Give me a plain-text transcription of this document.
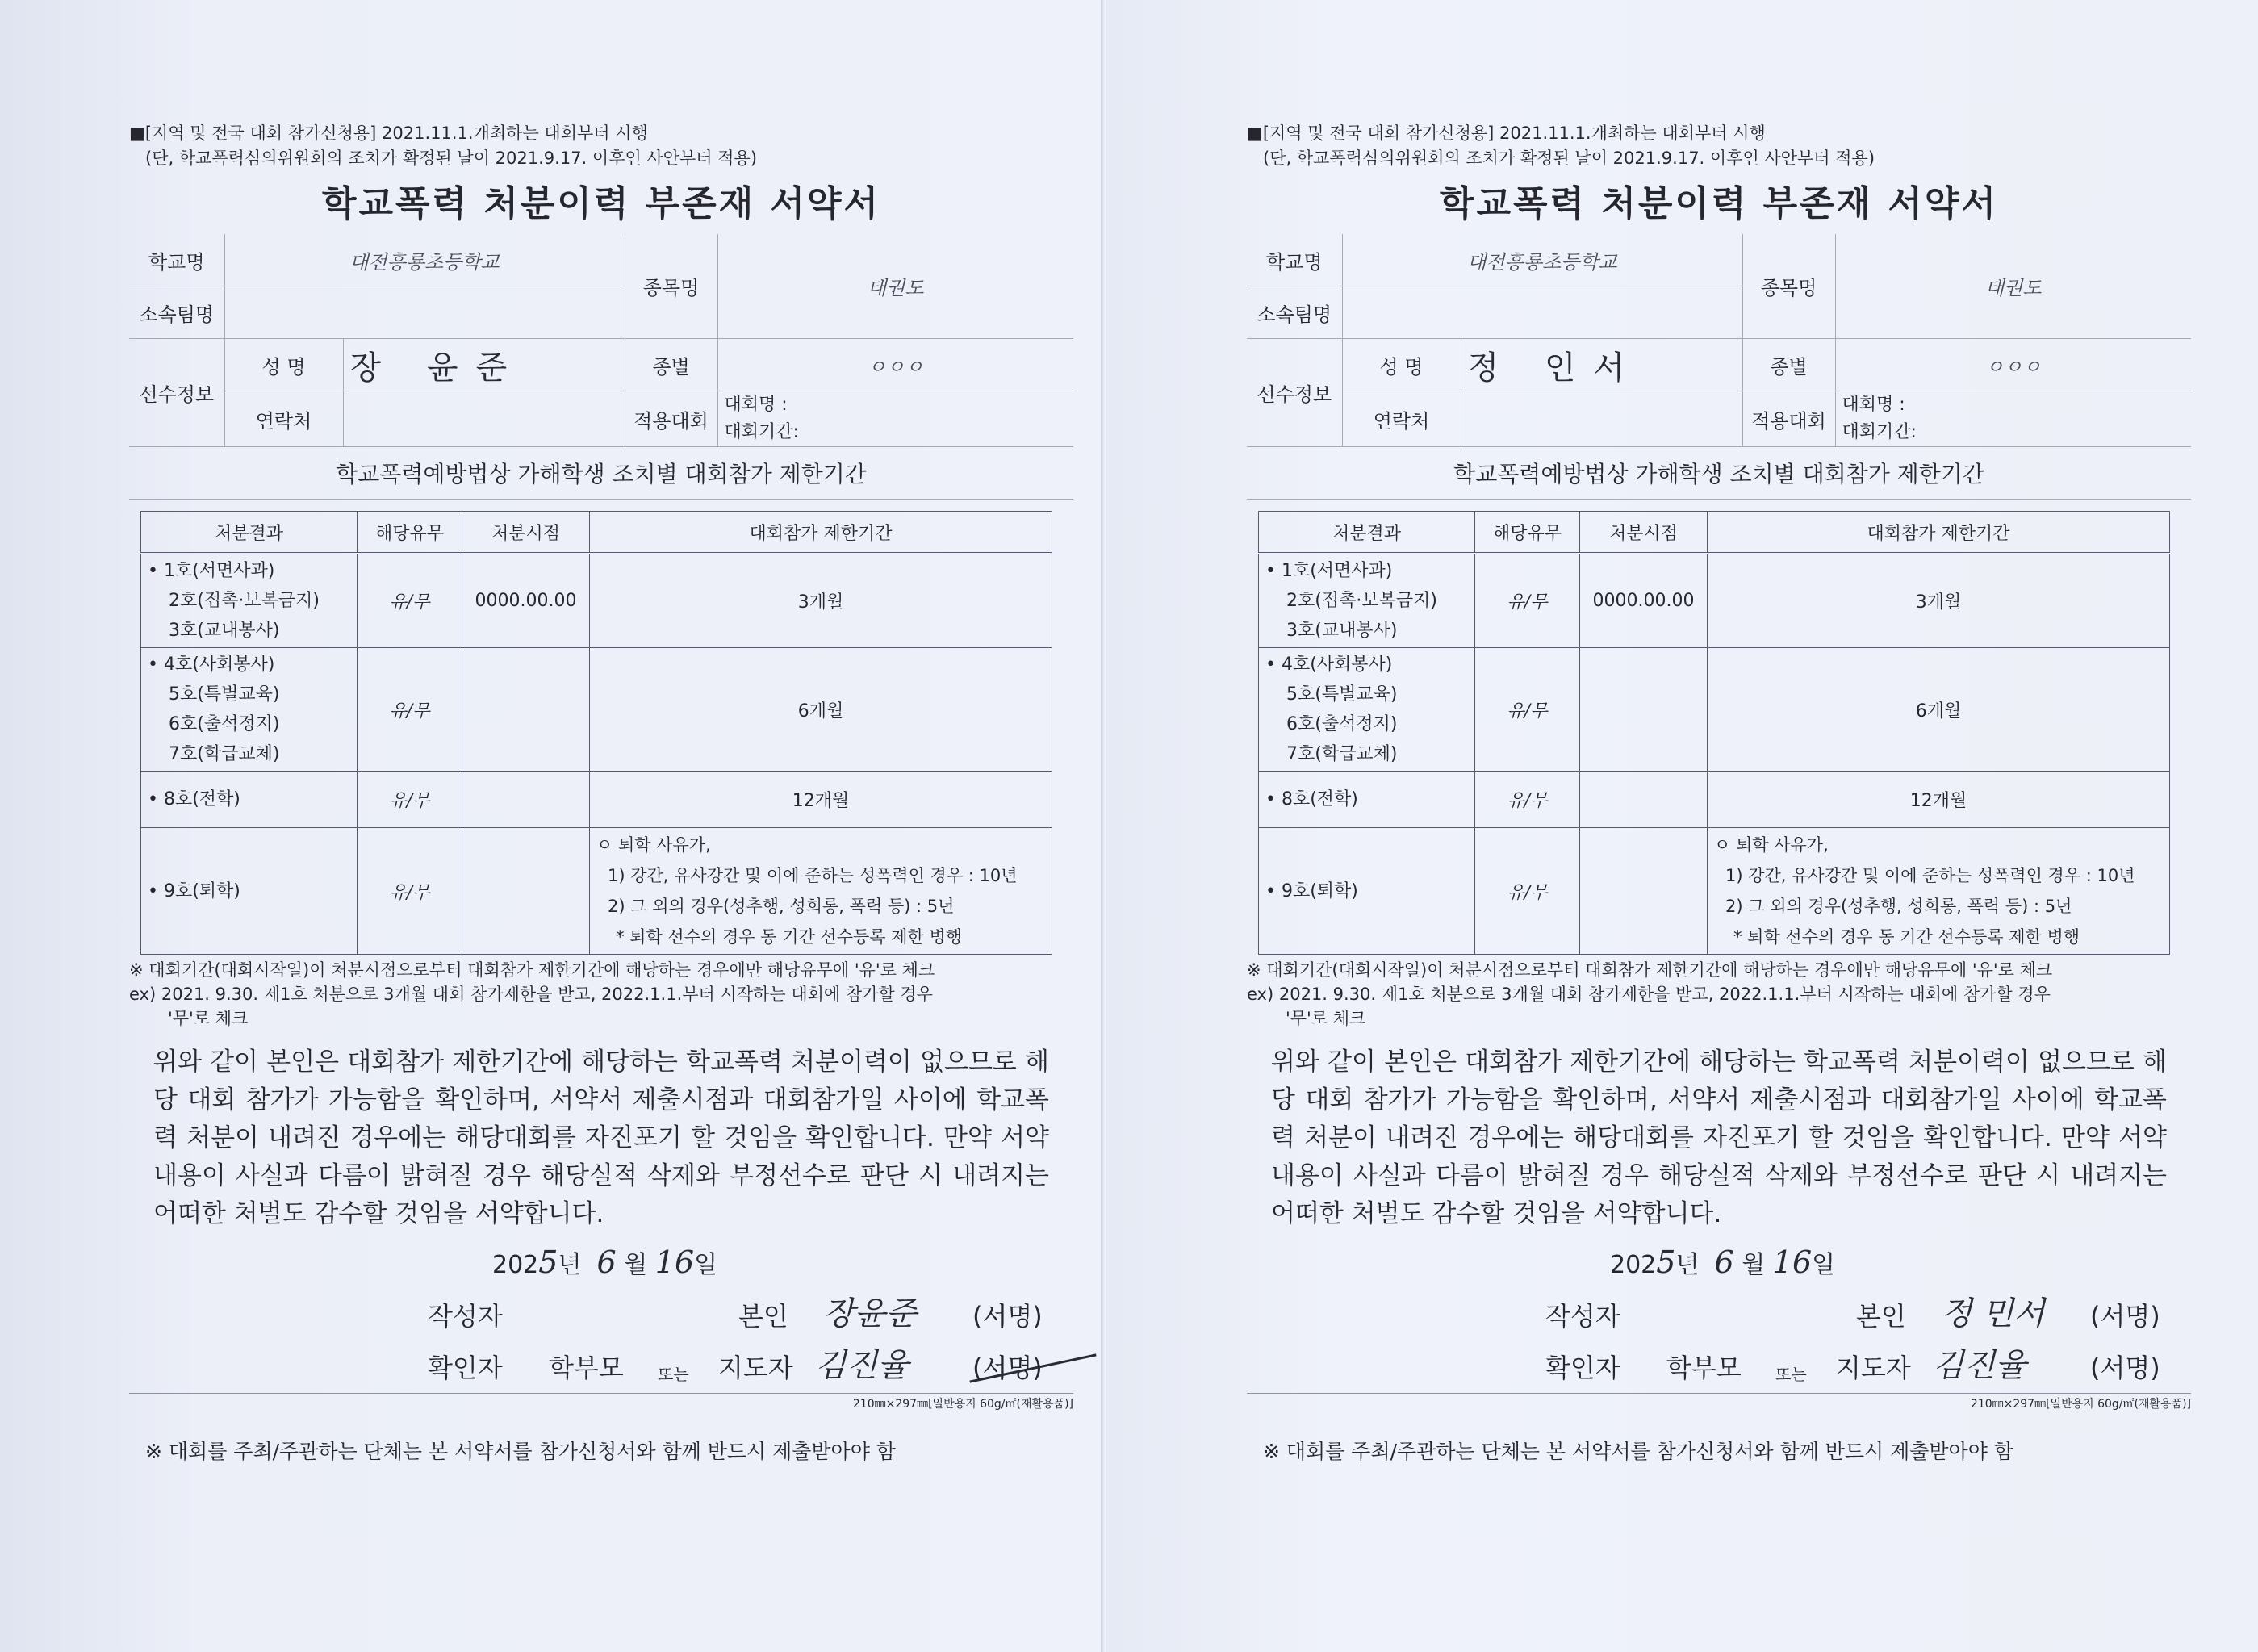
■[지역 및 전국 대회 참가신청용] 2021.11.1.개최하는 대회부터 시행
(단, 학교폭력심의위원회의 조치가 확정된 날이 2021.9.17. 이후인 사안부터 적용)
학교폭력 처분이력 부존재 서약서
학교명	대전흥룡초등학교		종목명	태권도
소속팀명				
선수정보	성 명	장 윤준	종별	ㅇㅇㅇ
	연락처		적용대회	대회명 :
대회기간:
학교폭력예방법상 가해학생 조치별 대회참가 제한기간
처분결과	해당유무	처분시점	대회참가 제한기간

• 1호(서면사과)
2호(접촉·보복금지)
3호(교내봉사)	유/무	0000.00.00	3개월

• 4호(사회봉사)
5호(특별교육)
6호(출석정지)
7호(학급교체)	유/무		6개월

• 8호(전학)	유/무		12개월

• 9호(퇴학)	유/무		ㅇ 퇴학 사유가,
1) 강간, 유사강간 및 이에 준하는 성폭력인 경우 : 10년
2) 그 외의 경우(성추행, 성희롱, 폭력 등) : 5년
* 퇴학 선수의 경우 동 기간 선수등록 제한 병행
※ 대회기간(대회시작일)이 처분시점으로부터 대회참가 제한기간에 해당하는 경우에만 해당유무에 '유'로 체크
ex) 2021. 9.30. 제1호 처분으로 3개월 대회 참가제한을 받고, 2022.1.1.부터 시작하는 대회에 참가할 경우
'무'로 체크
위와 같이 본인은 대회참가 제한기간에 해당하는 학교폭력 처분이력이 없으므로 해당 대회 참가가 가능함을 확인하며, 서약서 제출시점과 대회참가일 사이에 학교폭력 처분이 내려진 경우에는 해당대회를 자진포기 할 것임을 확인합니다. 만약 서약내용이 사실과 다름이 밝혀질 경우 해당실적 삭제와 부정선수로 판단 시 내려지는 어떠한 처벌도 감수할 것임을 서약합니다.
2025년 6 월 16일
작성자	본인 장윤준 (서명)
확인자 학부모 또는 지도자 김진율 (서명)
210㎜×297㎜[일반용지 60g/㎡(재활용품)]
※ 대회를 주최/주관하는 단체는 본 서약서를 참가신청서와 함께 반드시 제출받아야 함
■[지역 및 전국 대회 참가신청용] 2021.11.1.개최하는 대회부터 시행
(단, 학교폭력심의위원회의 조치가 확정된 날이 2021.9.17. 이후인 사안부터 적용)
학교폭력 처분이력 부존재 서약서
학교명	대전흥룡초등학교		종목명	태권도
소속팀명				
선수정보	성 명	정 인서	종별	ㅇㅇㅇ
	연락처		적용대회	대회명 :
대회기간:
학교폭력예방법상 가해학생 조치별 대회참가 제한기간
처분결과	해당유무	처분시점	대회참가 제한기간

• 1호(서면사과)
2호(접촉·보복금지)
3호(교내봉사)	유/무	0000.00.00	3개월

• 4호(사회봉사)
5호(특별교육)
6호(출석정지)
7호(학급교체)	유/무		6개월

• 8호(전학)	유/무		12개월

• 9호(퇴학)	유/무		ㅇ 퇴학 사유가,
1) 강간, 유사강간 및 이에 준하는 성폭력인 경우 : 10년
2) 그 외의 경우(성추행, 성희롱, 폭력 등) : 5년
* 퇴학 선수의 경우 동 기간 선수등록 제한 병행
※ 대회기간(대회시작일)이 처분시점으로부터 대회참가 제한기간에 해당하는 경우에만 해당유무에 '유'로 체크
ex) 2021. 9.30. 제1호 처분으로 3개월 대회 참가제한을 받고, 2022.1.1.부터 시작하는 대회에 참가할 경우
'무'로 체크
위와 같이 본인은 대회참가 제한기간에 해당하는 학교폭력 처분이력이 없으므로 해당 대회 참가가 가능함을 확인하며, 서약서 제출시점과 대회참가일 사이에 학교폭력 처분이 내려진 경우에는 해당대회를 자진포기 할 것임을 확인합니다. 만약 서약내용이 사실과 다름이 밝혀질 경우 해당실적 삭제와 부정선수로 판단 시 내려지는 어떠한 처벌도 감수할 것임을 서약합니다.
2025년 6 월 16일
작성자	본인 정 민서 (서명)
확인자 학부모 또는 지도자 김진율 (서명)
210㎜×297㎜[일반용지 60g/㎡(재활용품)]
※ 대회를 주최/주관하는 단체는 본 서약서를 참가신청서와 함께 반드시 제출받아야 함
